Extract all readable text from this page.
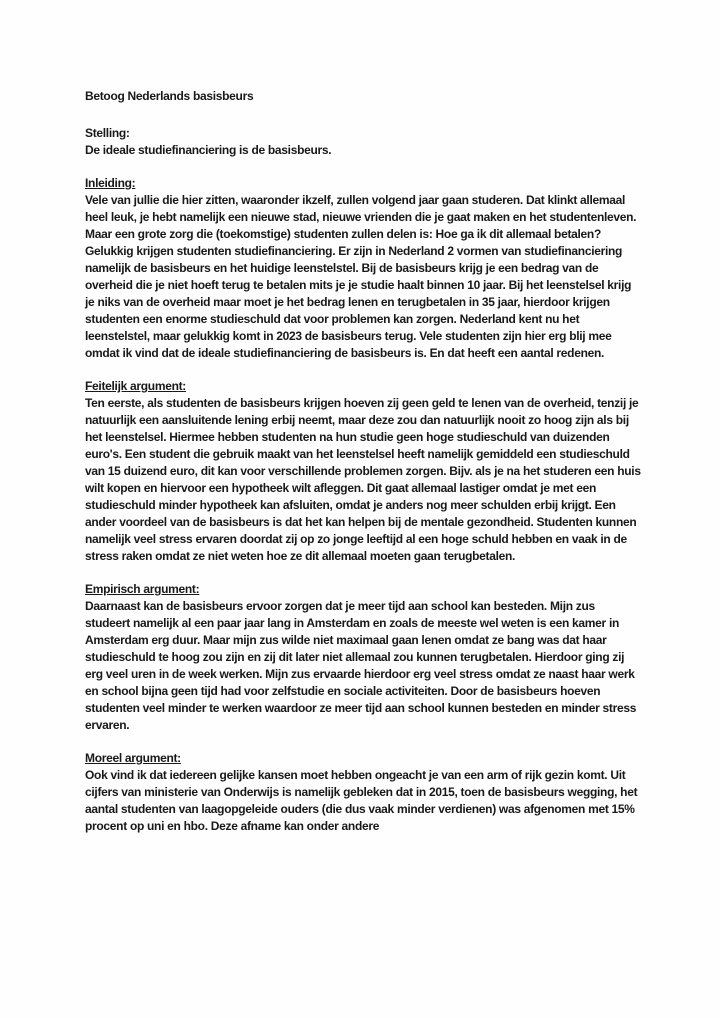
Betoog Nederlands basisbeurs
Stelling:
De ideale studiefinanciering is de basisbeurs.
Inleiding:
Vele van jullie die hier zitten, waaronder ikzelf, zullen volgend jaar gaan studeren. Dat klinkt allemaal heel leuk, je hebt namelijk een nieuwe stad, nieuwe vrienden die je gaat maken en het studentenleven. Maar een grote zorg die (toekomstige) studenten zullen delen is: Hoe ga ik dit allemaal betalen? Gelukkig krijgen studenten studiefinanciering. Er zijn in Nederland 2 vormen van studiefinanciering namelijk de basisbeurs en het huidige leenstelstel. Bij de basisbeurs krijg je een bedrag van de overheid die je niet hoeft terug te betalen mits je je studie haalt binnen 10 jaar. Bij het leenstelsel krijg je niks van de overheid maar moet je het bedrag lenen en terugbetalen in 35 jaar, hierdoor krijgen studenten een enorme studieschuld dat voor problemen kan zorgen. Nederland kent nu het leenstelstel, maar gelukkig komt in 2023 de basisbeurs terug. Vele studenten zijn hier erg blij mee omdat ik vind dat de ideale studiefinanciering de basisbeurs is. En dat heeft een aantal redenen.
Feitelijk argument:
Ten eerste, als studenten de basisbeurs krijgen hoeven zij geen geld te lenen van de overheid, tenzij je natuurlijk een aansluitende lening erbij neemt, maar deze zou dan natuurlijk nooit zo hoog zijn als bij het leenstelsel. Hiermee hebben studenten na hun studie geen hoge studieschuld van duizenden euro's. Een student die gebruik maakt van het leenstelsel heeft namelijk gemiddeld een studieschuld van 15 duizend euro, dit kan voor verschillende problemen zorgen. Bijv. als je na het studeren een huis wilt kopen en hiervoor een hypotheek wilt afleggen. Dit gaat allemaal lastiger omdat je met een studieschuld minder hypotheek kan afsluiten, omdat je anders nog meer schulden erbij krijgt. Een ander voordeel van de basisbeurs is dat het kan helpen bij de mentale gezondheid. Studenten kunnen namelijk veel stress ervaren doordat zij op zo jonge leeftijd al een hoge schuld hebben en vaak in de stress raken omdat ze niet weten hoe ze dit allemaal moeten gaan terugbetalen.
Empirisch argument:
Daarnaast kan de basisbeurs ervoor zorgen dat je meer tijd aan school kan besteden. Mijn zus studeert namelijk al een paar jaar lang in Amsterdam en zoals de meeste wel weten is een kamer in Amsterdam erg duur. Maar mijn zus wilde niet maximaal gaan lenen omdat ze bang was dat haar studieschuld te hoog zou zijn en zij dit later niet allemaal zou kunnen terugbetalen. Hierdoor ging zij erg veel uren in de week werken. Mijn zus ervaarde hierdoor erg veel stress omdat ze naast haar werk en school bijna geen tijd had voor zelfstudie en sociale activiteiten. Door de basisbeurs hoeven studenten veel minder te werken waardoor ze meer tijd aan school kunnen besteden en minder stress ervaren.
Moreel argument:
Ook vind ik dat iedereen gelijke kansen moet hebben ongeacht je van een arm of rijk gezin komt. Uit cijfers van ministerie van Onderwijs is namelijk gebleken dat in 2015, toen de basisbeurs wegging, het aantal studenten van laagopgeleide ouders (die dus vaak minder verdienen) was afgenomen met 15% procent op uni en hbo. Deze afname kan onder andere
